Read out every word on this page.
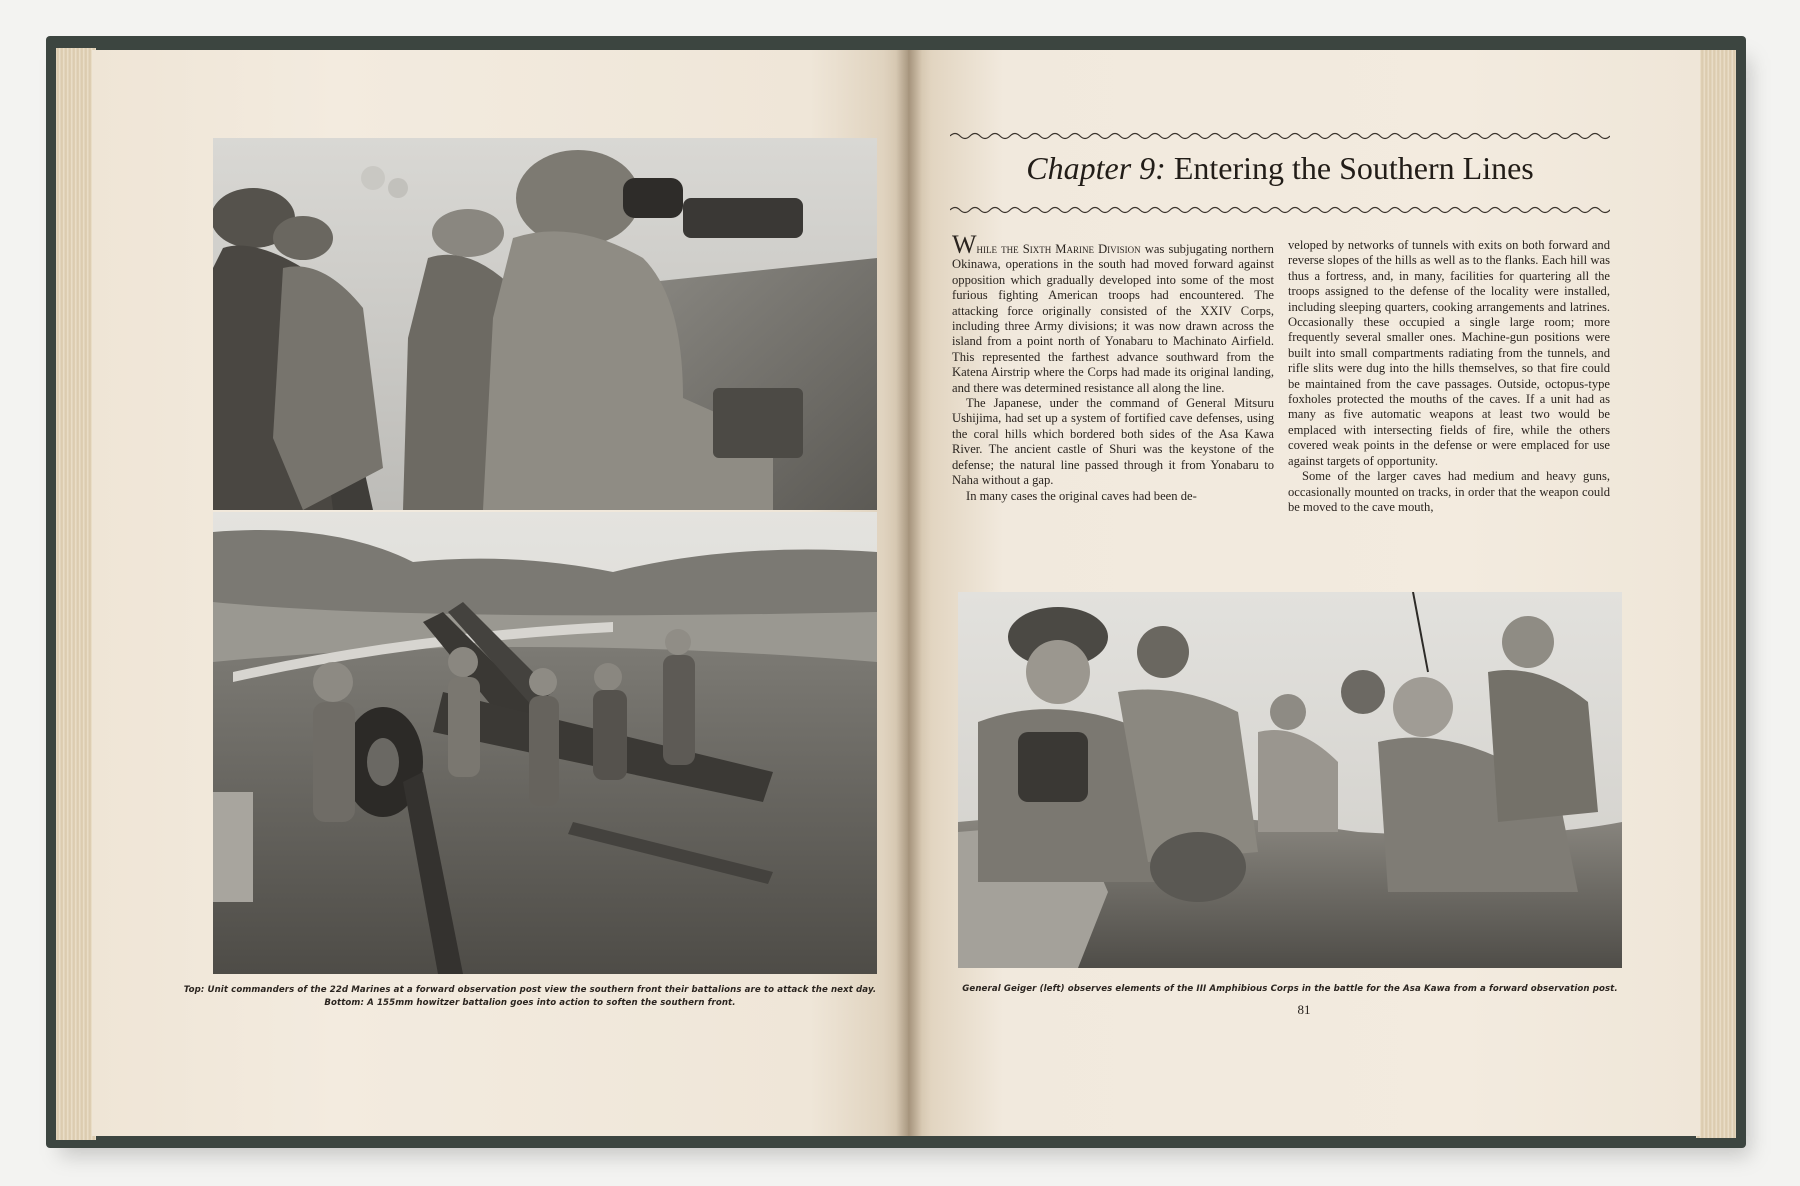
Top: Unit commanders of the 22d Marines at a forward observation post view the southern front their battalions are to attack the next day.
Bottom: A 155mm howitzer battalion goes into action to soften the southern front.
Chapter 9: Entering the Southern Lines

While the Sixth Marine Division was subjugating northern Okinawa, operations in the south had moved forward against opposition which gradually developed into some of the most furious fighting American troops had encountered. The attacking force originally consisted of the XXIV Corps, including three Army divisions; it was now drawn across the island from a point north of Yonabaru to Machinato Airfield. This represented the farthest advance southward from the Katena Airstrip where the Corps had made its original landing, and there was determined resistance all along the line.

The Japanese, under the command of General Mitsuru Ushijima, had set up a system of fortified cave defenses, using the coral hills which bordered both sides of the Asa Kawa River. The ancient castle of Shuri was the keystone of the defense; the natural line passed through it from Yonabaru to Naha without a gap.

In many cases the original caves had been de-

veloped by networks of tunnels with exits on both forward and reverse slopes of the hills as well as to the flanks. Each hill was thus a fortress, and, in many, facilities for quartering all the troops assigned to the defense of the locality were installed, including sleeping quarters, cooking arrangements and latrines. Occasionally these occupied a single large room; more frequently several smaller ones. Machine-gun positions were built into small compartments radiating from the tunnels, and rifle slits were dug into the hills themselves, so that fire could be maintained from the cave passages. Outside, octopus-type foxholes protected the mouths of the caves. If a unit had as many as five automatic weapons at least two would be emplaced with intersecting fields of fire, while the others covered weak points in the defense or were emplaced for use against targets of opportunity.

Some of the larger caves had medium and heavy guns, occasionally mounted on tracks, in order that the weapon could be moved to the cave mouth,

General Geiger (left) observes elements of the III Amphibious Corps in the battle for the Asa Kawa from a forward observation post.
81
